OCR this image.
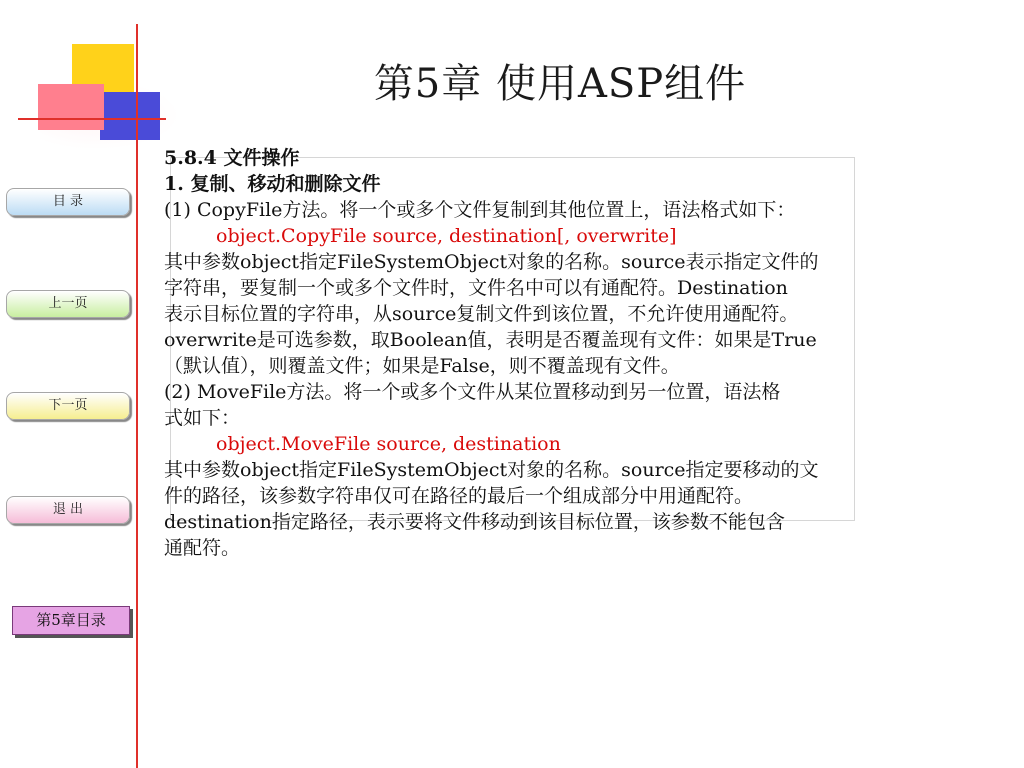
第5章 使用ASP组件
目 录
上一页
下一页
退 出
第5章目录
5.8.4 文件操作
1. 复制、移动和删除文件
(1) CopyFile方法。将一个或多个文件复制到其他位置上，语法格式如下：
object.CopyFile source, destination[, overwrite]
其中参数object指定FileSystemObject对象的名称。source表示指定文件的
字符串，要复制一个或多个文件时，文件名中可以有通配符。Destination
表示目标位置的字符串，从source复制文件到该位置，不允许使用通配符。
overwrite是可选参数，取Boolean值，表明是否覆盖现有文件：如果是True
（默认值），则覆盖文件；如果是False，则不覆盖现有文件。
(2) MoveFile方法。将一个或多个文件从某位置移动到另一位置，语法格
式如下：
object.MoveFile source, destination
其中参数object指定FileSystemObject对象的名称。source指定要移动的文
件的路径，该参数字符串仅可在路径的最后一个组成部分中用通配符。
destination指定路径，表示要将文件移动到该目标位置，该参数不能包含
通配符。
